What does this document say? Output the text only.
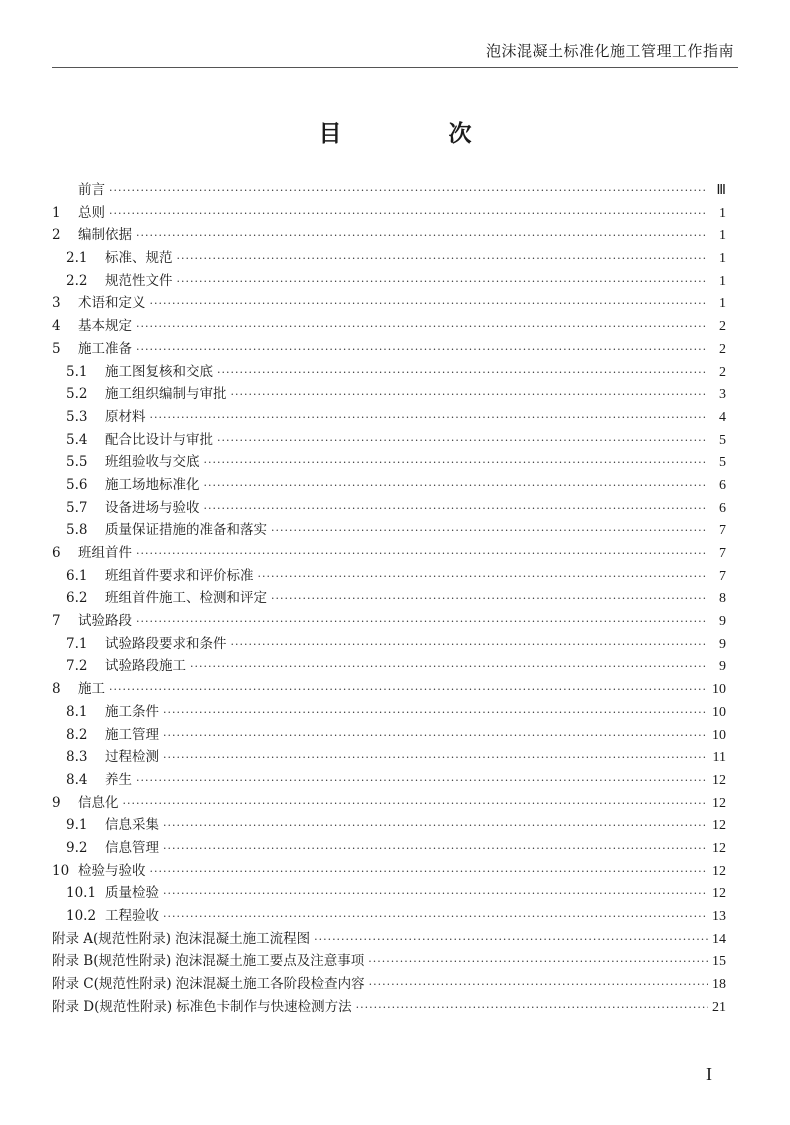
泡沫混凝土标准化施工管理工作指南
目　次
前言 ·····	Ⅲ
1	总则 ·····	1
2	编制依据 ·····	1
2.1	标准、规范 ·····	1
2.2	规范性文件 ·····	1
3	术语和定义 ·····	1
4	基本规定 ·····	2
5	施工准备 ·····	2
5.1	施工图复核和交底 ·····	2
5.2	施工组织编制与审批 ·····	3
5.3	原材料 ·····	4
5.4	配合比设计与审批 ·····	5
5.5	班组验收与交底 ·····	5
5.6	施工场地标准化 ·····	6
5.7	设备进场与验收 ·····	6
5.8	质量保证措施的准备和落实 ·····	7
6	班组首件 ·····	7
6.1	班组首件要求和评价标准 ·····	7
6.2	班组首件施工、检测和评定 ·····	8
7	试验路段 ·····	9
7.1	试验路段要求和条件 ·····	9
7.2	试验路段施工 ·····	9
8	施工 ·····	10
8.1	施工条件 ·····	10
8.2	施工管理 ·····	10
8.3	过程检测 ·····	11
8.4	养生 ·····	12
9	信息化 ·····	12
9.1	信息采集 ·····	12
9.2	信息管理 ·····	12
10 检验与验收 ·····	12
10.1 质量检验 ·····	12
10.2 工程验收 ·····	13
附录 A(规范性附录) 泡沫混凝土施工流程图 ·····	14
附录 B(规范性附录) 泡沫混凝土施工要点及注意事项 ·····	15
附录 C(规范性附录) 泡沫混凝土施工各阶段检查内容 ·····	18
附录 D(规范性附录) 标准色卡制作与快速检测方法 ·····	21
I
